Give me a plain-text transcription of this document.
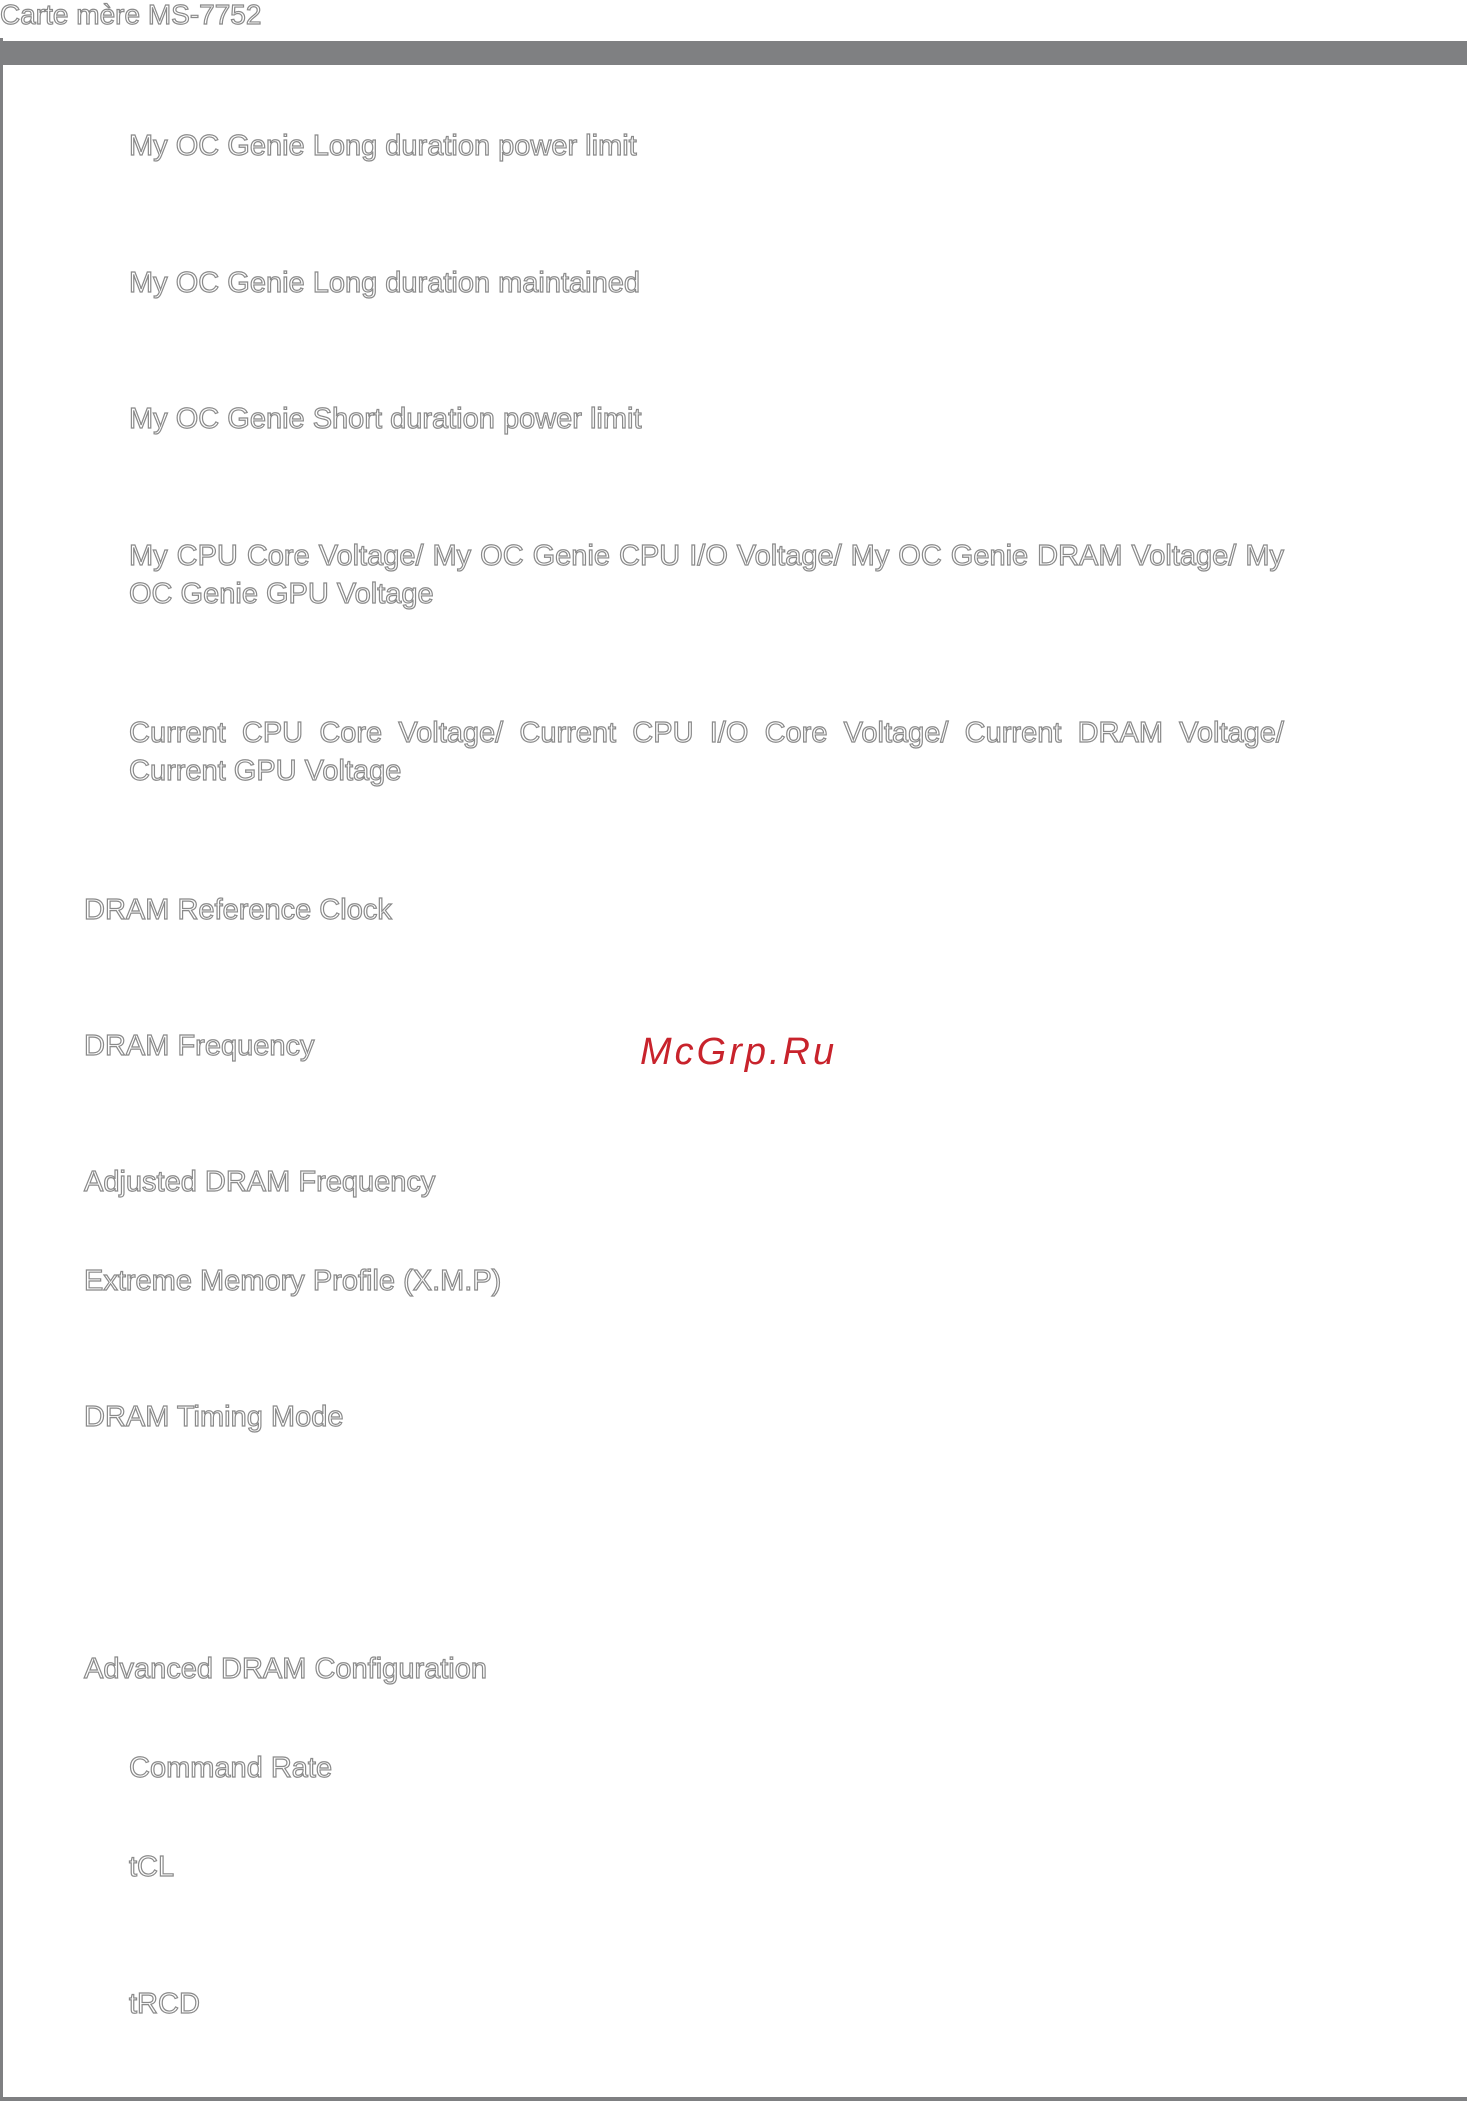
Carte mère MS-7752

My OC Genie Long duration power limit

My OC Genie Long duration maintained

My OC Genie Short duration power limit

My CPU Core Voltage/ My OC Genie CPU I/O Voltage/ My OC Genie DRAM Voltage/ My OC Genie GPU Voltage

Current CPU Core Voltage/ Current CPU I/O Core Voltage/ Current DRAM Voltage/ Current GPU Voltage

DRAM Reference Clock

DRAM Frequency

Adjusted DRAM Frequency

Extreme Memory Profile (X.M.P)

DRAM Timing Mode

Advanced DRAM Configuration

Command Rate

tCL

tRCD

McGrp.Ru
